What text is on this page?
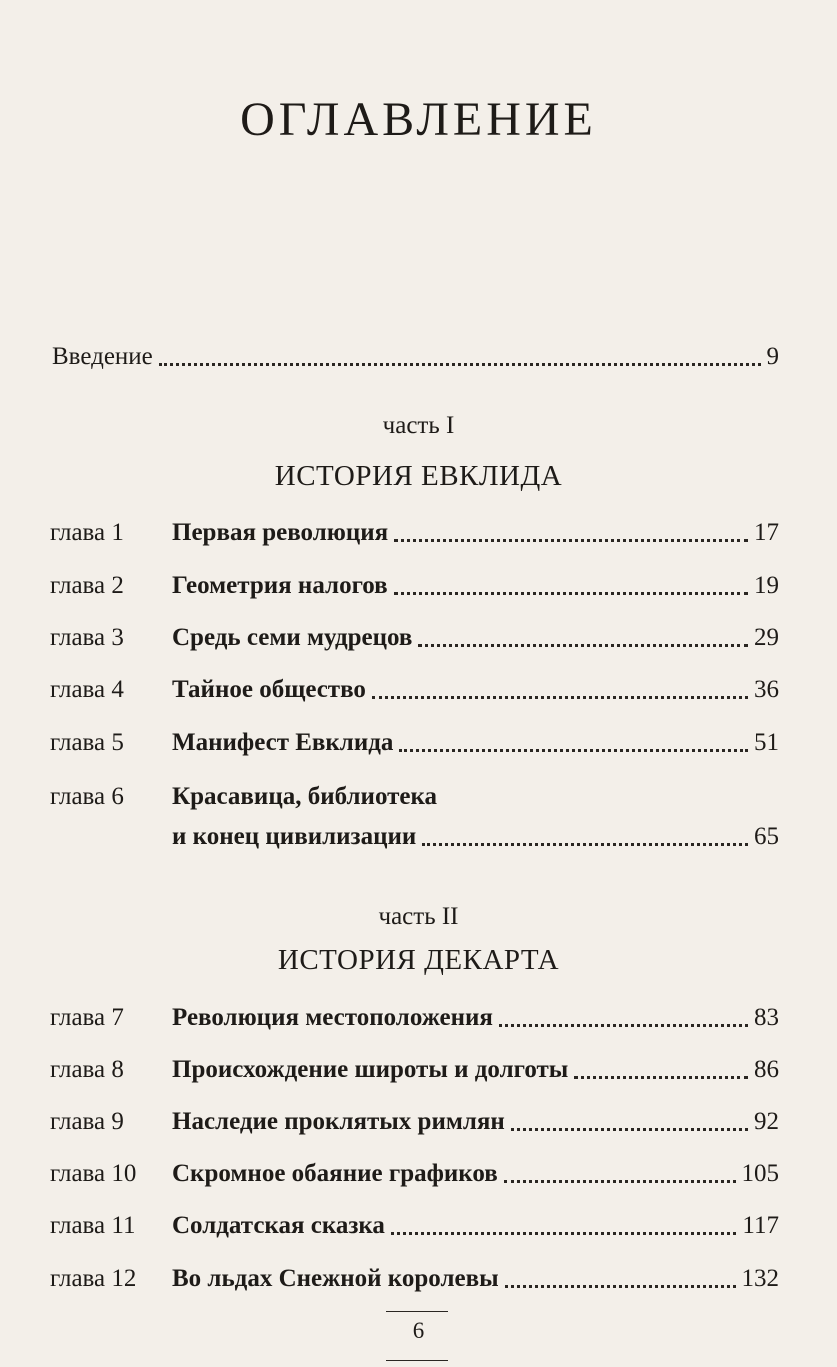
ОГЛАВЛЕНИЕ
Введение	9
часть I
ИСТОРИЯ ЕВКЛИДА
глава 1	Первая революция	17
глава 2	Геометрия налогов	19
глава 3	Средь семи мудрецов	29
глава 4	Тайное общество	36
глава 5	Манифест Евклида	51
глава 6	Красавица, библиотека
и конец цивилизации	65
часть II
ИСТОРИЯ ДЕКАРТА
глава 7	Революция местоположения	83
глава 8	Происхождение широты и долготы	86
глава 9	Наследие проклятых римлян	92
глава 10	Скромное обаяние графиков	105
глава 11	Солдатская сказка	117
глава 12	Во льдах Снежной королевы	132
6
